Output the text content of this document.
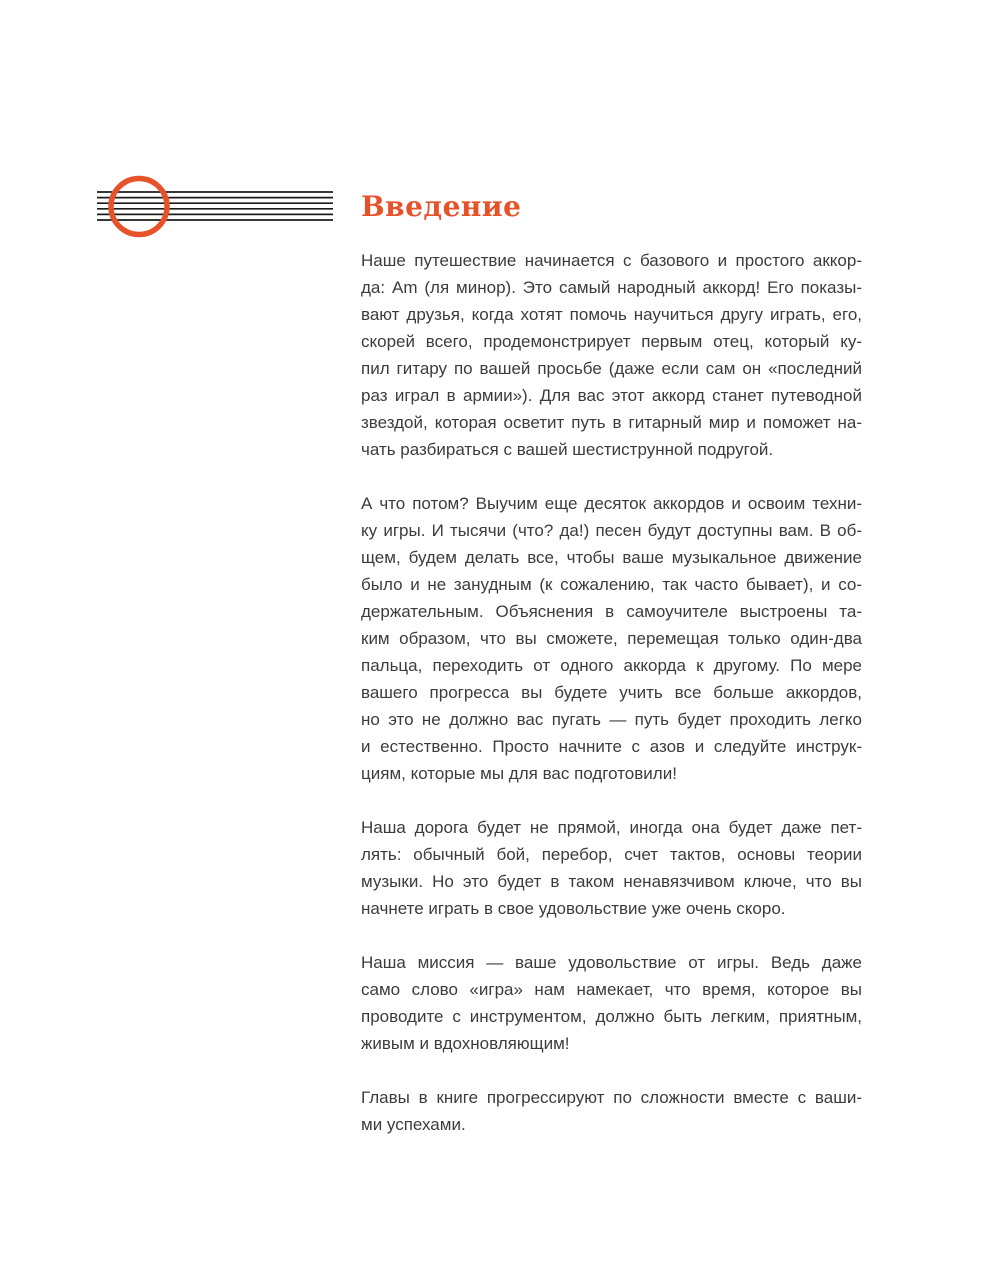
Введение

Наше путешествие начинается с базового и простого аккор-
да: Am (ля минор). Это самый народный аккорд! Его показы-
вают друзья, когда хотят помочь научиться другу играть, его,
скорей всего, продемонстрирует первым отец, который ку-
пил гитару по вашей просьбе (даже если сам он «последний
раз играл в армии»). Для вас этот аккорд станет путеводной
звездой, которая осветит путь в гитарный мир и поможет на-
чать разбираться с вашей шестиструнной подругой.

А что потом? Выучим еще десяток аккордов и освоим техни-
ку игры. И тысячи (что? да!) песен будут доступны вам. В об-
щем, будем делать все, чтобы ваше музыкальное движение
было и не занудным (к сожалению, так часто бывает), и со-
держательным. Объяснения в самоучителе выстроены та-
ким образом, что вы сможете, перемещая только один-два
пальца, переходить от одного аккорда к другому. По мере
вашего прогресса вы будете учить все больше аккордов,
но это не должно вас пугать — путь будет проходить легко
и естественно. Просто начните с азов и следуйте инструк-
циям, которые мы для вас подготовили!

Наша дорога будет не прямой, иногда она будет даже пет-
лять: обычный бой, перебор, счет тактов, основы теории
музыки. Но это будет в таком ненавязчивом ключе, что вы
начнете играть в свое удовольствие уже очень скоро.

Наша миссия — ваше удовольствие от игры. Ведь даже
само слово «игра» нам намекает, что время, которое вы
проводите с инструментом, должно быть легким, приятным,
живым и вдохновляющим!

Главы в книге прогрессируют по сложности вместе с ваши-
ми успехами.
